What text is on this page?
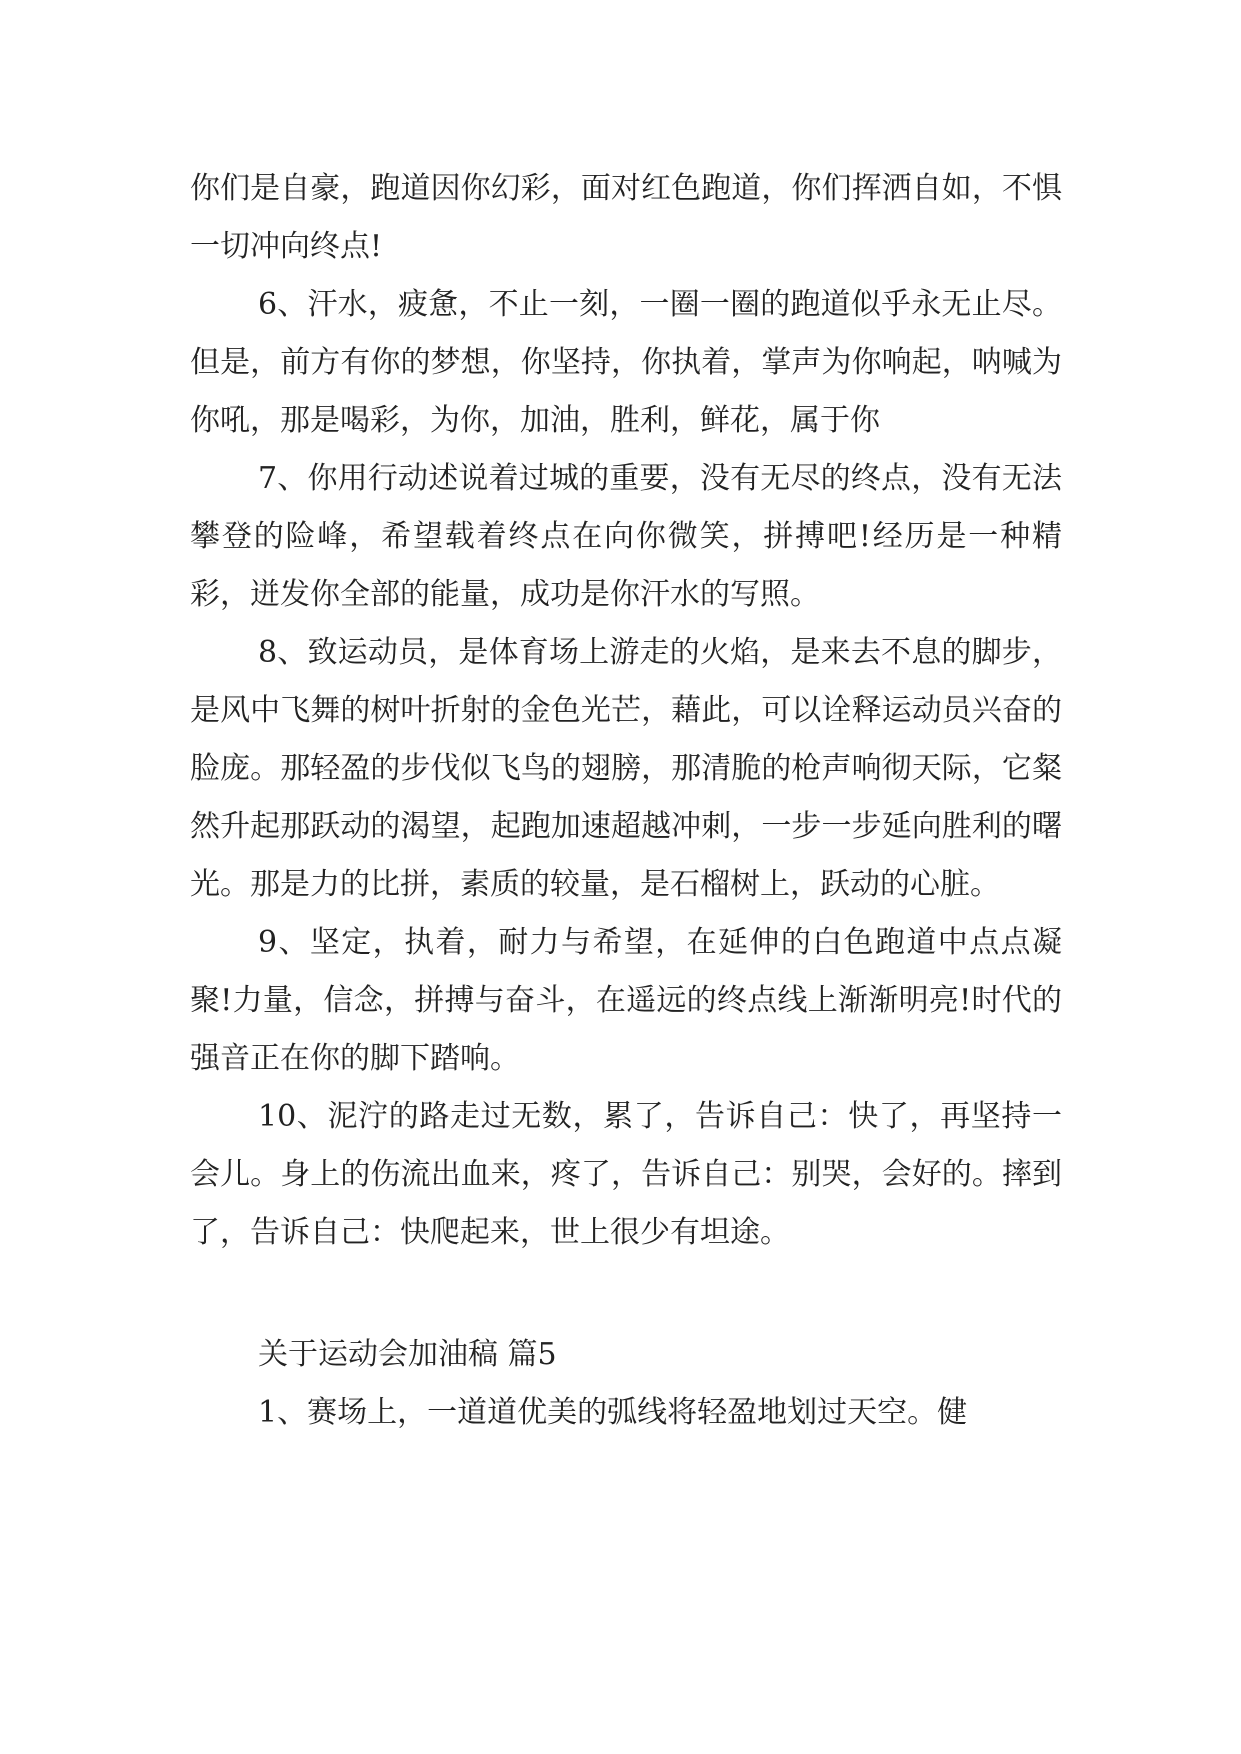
你们是自豪，跑道因你幻彩，面对红色跑道，你们挥洒自如，不惧一切冲向终点!

6、汗水，疲惫，不止一刻，一圈一圈的跑道似乎永无止尽。但是，前方有你的梦想，你坚持，你执着，掌声为你响起，呐喊为你吼，那是喝彩，为你，加油，胜利，鲜花，属于你

7、你用行动述说着过城的重要，没有无尽的终点，没有无法攀登的险峰，希望载着终点在向你微笑，拼搏吧!经历是一种精彩，迸发你全部的能量，成功是你汗水的写照。

8、致运动员，是体育场上游走的火焰，是来去不息的脚步，是风中飞舞的树叶折射的金色光芒，藉此，可以诠释运动员兴奋的脸庞。那轻盈的步伐似飞鸟的翅膀，那清脆的枪声响彻天际，它粲然升起那跃动的渴望，起跑加速超越冲刺，一步一步延向胜利的曙光。那是力的比拼，素质的较量，是石榴树上，跃动的心脏。

9、坚定，执着，耐力与希望，在延伸的白色跑道中点点凝聚!力量，信念，拼搏与奋斗，在遥远的终点线上渐渐明亮!时代的强音正在你的脚下踏响。

10、泥泞的路走过无数，累了，告诉自己：快了，再坚持一会儿。身上的伤流出血来，疼了，告诉自己：别哭，会好的。摔到了，告诉自己：快爬起来，世上很少有坦途。

关于运动会加油稿 篇5

1、赛场上，一道道优美的弧线将轻盈地划过天空。健
